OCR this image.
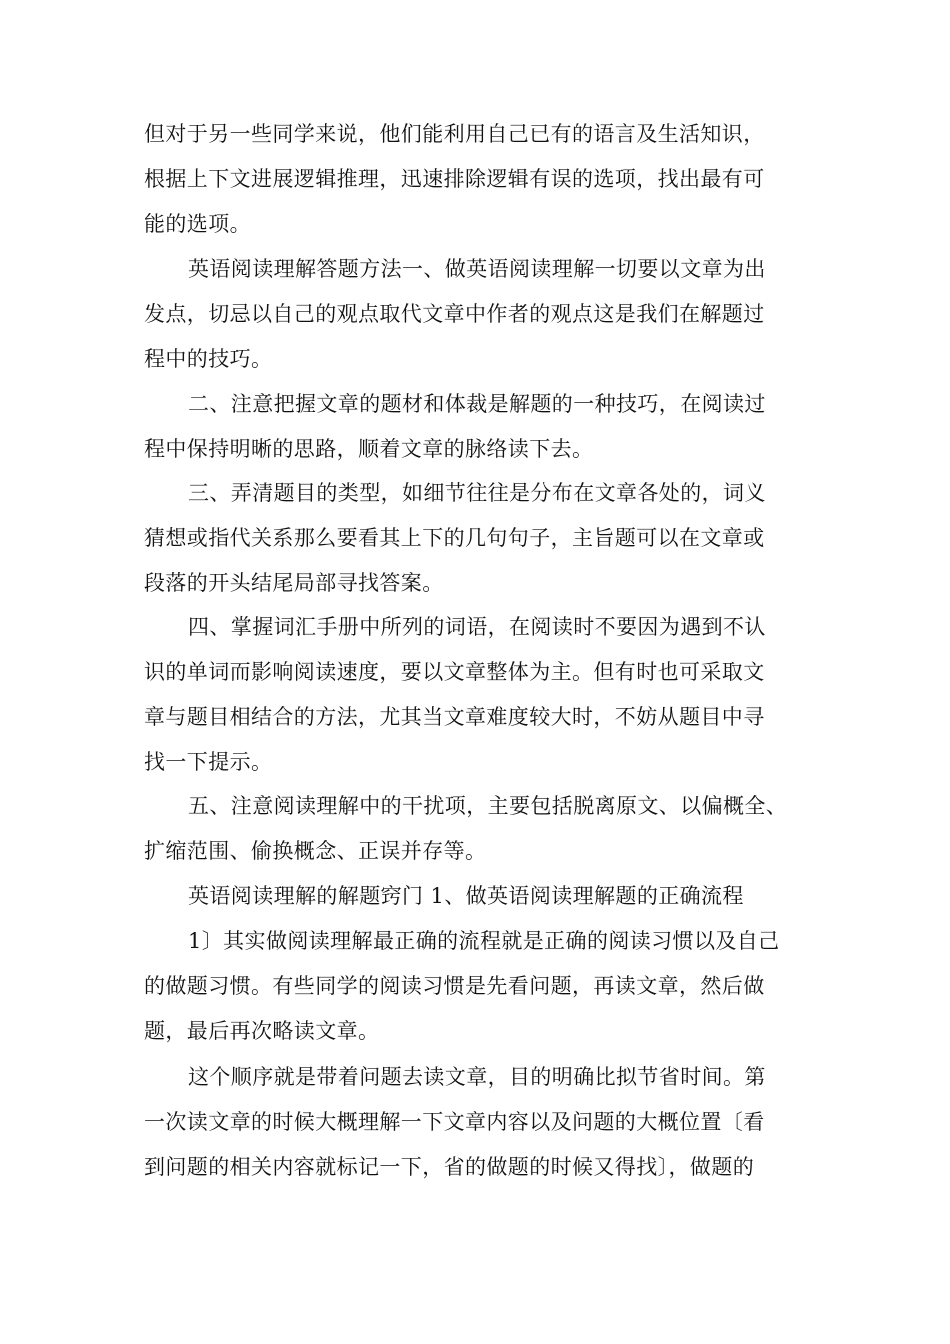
但对于另一些同学来说，他们能利用自己已有的语言及生活知识，
根据上下文进展逻辑推理，迅速排除逻辑有误的选项，找出最有可
能的选项。
英语阅读理解答题方法一、做英语阅读理解一切要以文章为出
发点，切忌以自己的观点取代文章中作者的观点这是我们在解题过
程中的技巧。
二、注意把握文章的题材和体裁是解题的一种技巧，在阅读过
程中保持明晰的思路，顺着文章的脉络读下去。
三、弄清题目的类型，如细节往往是分布在文章各处的，词义
猜想或指代关系那么要看其上下的几句句子，主旨题可以在文章或
段落的开头结尾局部寻找答案。
四、掌握词汇手册中所列的词语，在阅读时不要因为遇到不认
识的单词而影响阅读速度，要以文章整体为主。但有时也可采取文
章与题目相结合的方法，尤其当文章难度较大时，不妨从题目中寻
找一下提示。
五、注意阅读理解中的干扰项，主要包括脱离原文、以偏概全、
扩缩范围、偷换概念、正误并存等。
英语阅读理解的解题窍门 1、做英语阅读理解题的正确流程
1〕其实做阅读理解最正确的流程就是正确的阅读习惯以及自己
的做题习惯。有些同学的阅读习惯是先看问题，再读文章，然后做
题，最后再次略读文章。
这个顺序就是带着问题去读文章，目的明确比拟节省时间。第
一次读文章的时候大概理解一下文章内容以及问题的大概位置〔看
到问题的相关内容就标记一下，省的做题的时候又得找〕，做题的
